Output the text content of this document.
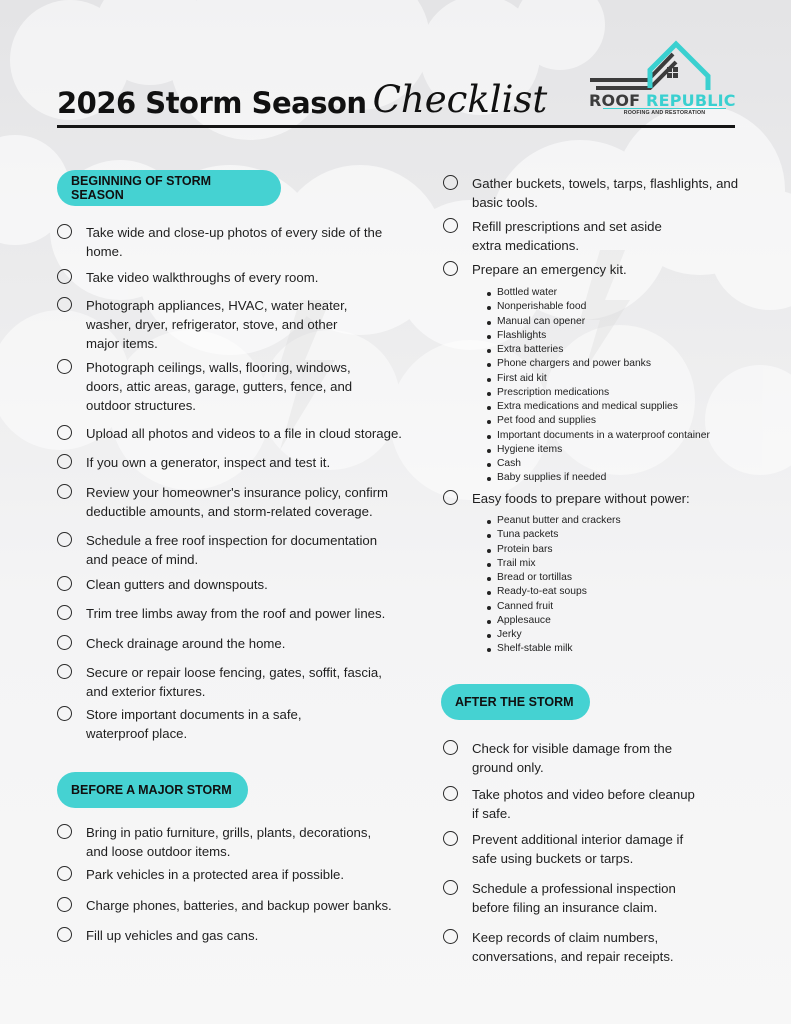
2026 Storm Season Checklist	ROOF REPUBLIC
ROOFING AND RESTORATION
BEGINNING OF STORM SEASON
Take wide and close-up photos of every side of the home.
Take video walkthroughs of every room.
Photograph appliances, HVAC, water heater, washer, dryer, refrigerator, stove, and other major items.
Photograph ceilings, walls, flooring, windows, doors, attic areas, garage, gutters, fence, and outdoor structures.
Upload all photos and videos to a file in cloud storage.
If you own a generator, inspect and test it.
Review your homeowner's insurance policy, confirm deductible amounts, and storm-related coverage.
Schedule a free roof inspection for documentation and peace of mind.
Clean gutters and downspouts.
Trim tree limbs away from the roof and power lines.
Check drainage around the home.
Secure or repair loose fencing, gates, soffit, fascia, and exterior fixtures.
Store important documents in a safe, waterproof place.
BEFORE A MAJOR STORM
Bring in patio furniture, grills, plants, decorations, and loose outdoor items.
Park vehicles in a protected area if possible.
Charge phones, batteries, and backup power banks.
Fill up vehicles and gas cans.
Gather buckets, towels, tarps, flashlights, and basic tools.
Refill prescriptions and set aside extra medications.
Prepare an emergency kit.
Bottled water
Nonperishable food
Manual can opener
Flashlights
Extra batteries
Phone chargers and power banks
First aid kit
Prescription medications
Extra medications and medical supplies
Pet food and supplies
Important documents in a waterproof container
Hygiene items
Cash
Baby supplies if needed
Easy foods to prepare without power:
Peanut butter and crackers
Tuna packets
Protein bars
Trail mix
Bread or tortillas
Ready-to-eat soups
Canned fruit
Applesauce
Jerky
Shelf-stable milk
AFTER THE STORM
Check for visible damage from the ground only.
Take photos and video before cleanup if safe.
Prevent additional interior damage if safe using buckets or tarps.
Schedule a professional inspection before filing an insurance claim.
Keep records of claim numbers, conversations, and repair receipts.
